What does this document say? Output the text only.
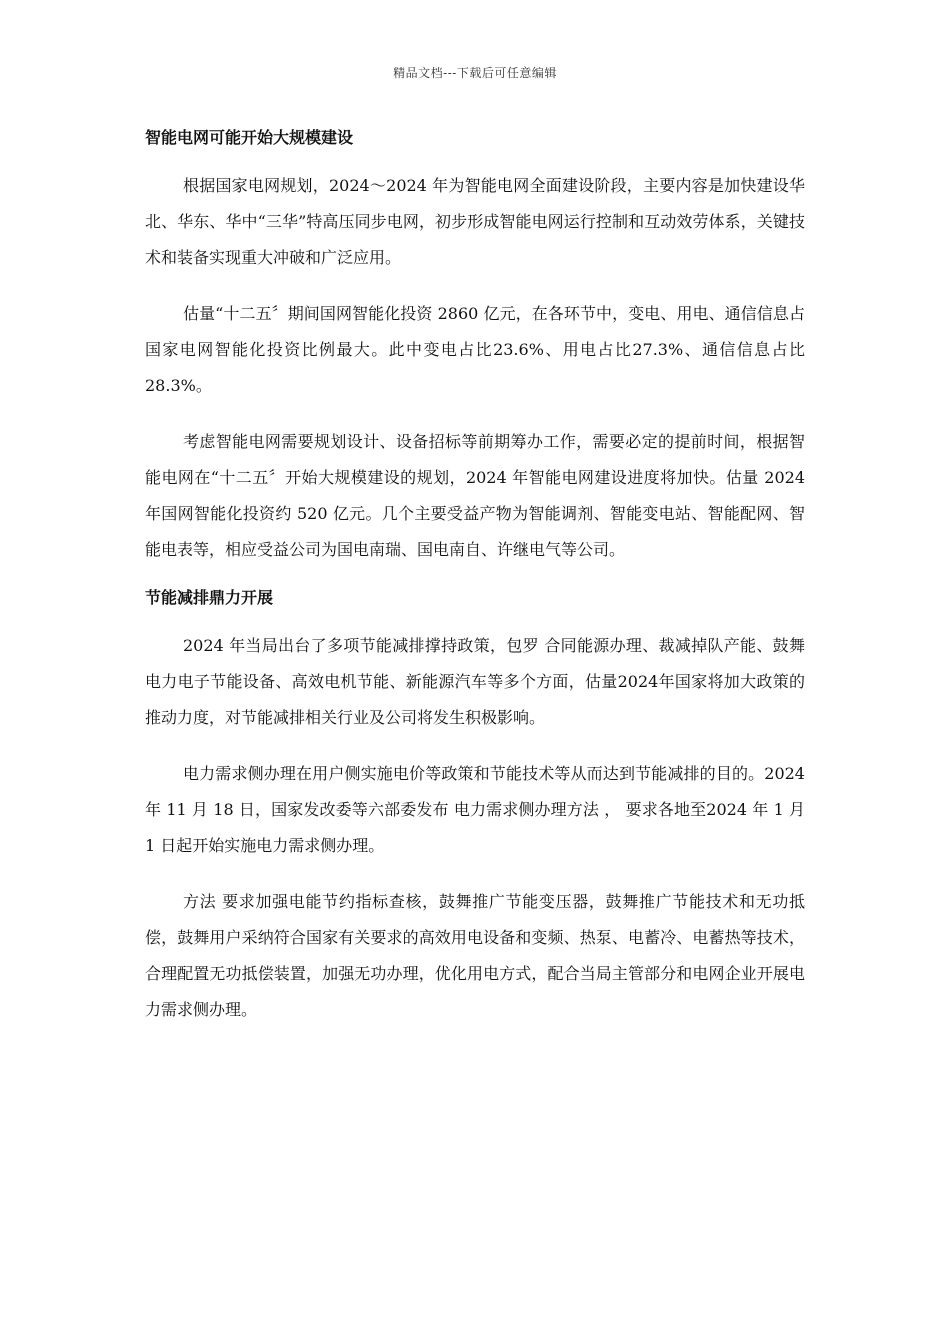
精品文档---下载后可任意编辑
智能电网可能开始大规模建设

根据国家电网规划，2024～2024 年为智能电网全面建设阶段，主要内容是加快建设华北、华东、华中“三华”特高压同步电网，初步形成智能电网运行控制和互动效劳体系，关键技术和装备实现重大冲破和广泛应用。

估量“十二五〞期间国网智能化投资 2860 亿元，在各环节中，变电、用电、通信信息占国家电网智能化投资比例最大。此中变电占比23.6%、用电占比27.3%、通信信息占比28.3%。

考虑智能电网需要规划设计、设备招标等前期筹办工作，需要必定的提前时间，根据智能电网在“十二五〞开始大规模建设的规划，2024 年智能电网建设进度将加快。估量 2024 年国网智能化投资约 520 亿元。几个主要受益产物为智能调剂、智能变电站、智能配网、智能电表等，相应受益公司为国电南瑞、国电南自、许继电气等公司。

节能减排鼎力开展

2024 年当局出台了多项节能减排撑持政策，包罗 合同能源办理、裁减掉队产能、鼓舞电力电子节能设备、高效电机节能、新能源汽车等多个方面，估量2024年国家将加大政策的推动力度，对节能减排相关行业及公司将发生积极影响。

电力需求侧办理在用户侧实施电价等政策和节能技术等从而达到节能减排的目的。2024 年 11 月 18 日，国家发改委等六部委发布 电力需求侧办理方法 ， 要求各地至2024 年 1 月1 日起开始实施电力需求侧办理。

方法 要求加强电能节约指标查核，鼓舞推广节能变压器，鼓舞推广节能技术和无功抵偿，鼓舞用户采纳符合国家有关要求的高效用电设备和变频、热泵、电蓄冷、电蓄热等技术，合理配置无功抵偿装置，加强无功办理，优化用电方式，配合当局主管部分和电网企业开展电力需求侧办理。
